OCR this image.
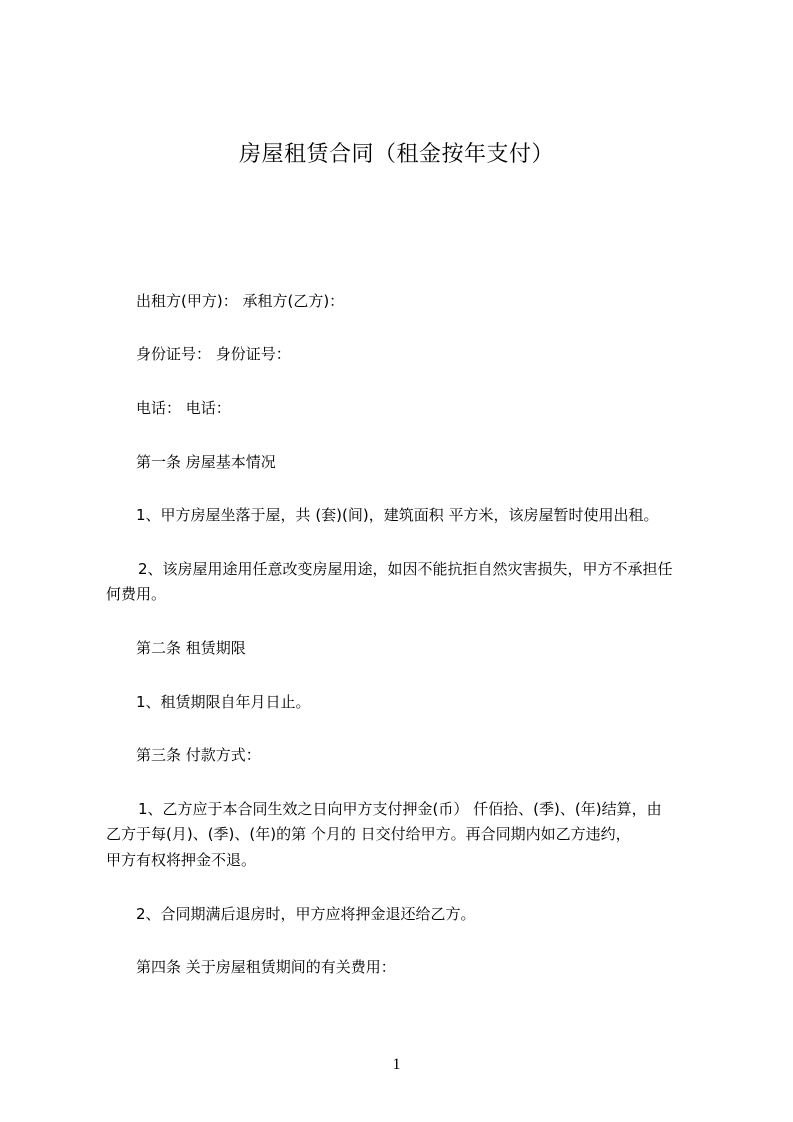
房屋租赁合同（租金按年支付）
出租方(甲方)： 承租方(乙方)：
身份证号： 身份证号：
电话： 电话：
第一条 房屋基本情况
1、甲方房屋坐落于屋，共 (套)(间)，建筑面积 平方米，该房屋暂时使用出租。
2、该房屋用途用任意改变房屋用途，如因不能抗拒自然灾害损失，甲方不承担任
何费用。
第二条 租赁期限
1、租赁期限自年月日止。
第三条 付款方式：
1、乙方应于本合同生效之日向甲方支付押金(币） 仟佰拾、(季)、(年)结算，由
乙方于每(月)、(季)、(年)的第 个月的 日交付给甲方。再合同期内如乙方违约，
甲方有权将押金不退。
2、合同期满后退房时，甲方应将押金退还给乙方。
第四条 关于房屋租赁期间的有关费用：
1
